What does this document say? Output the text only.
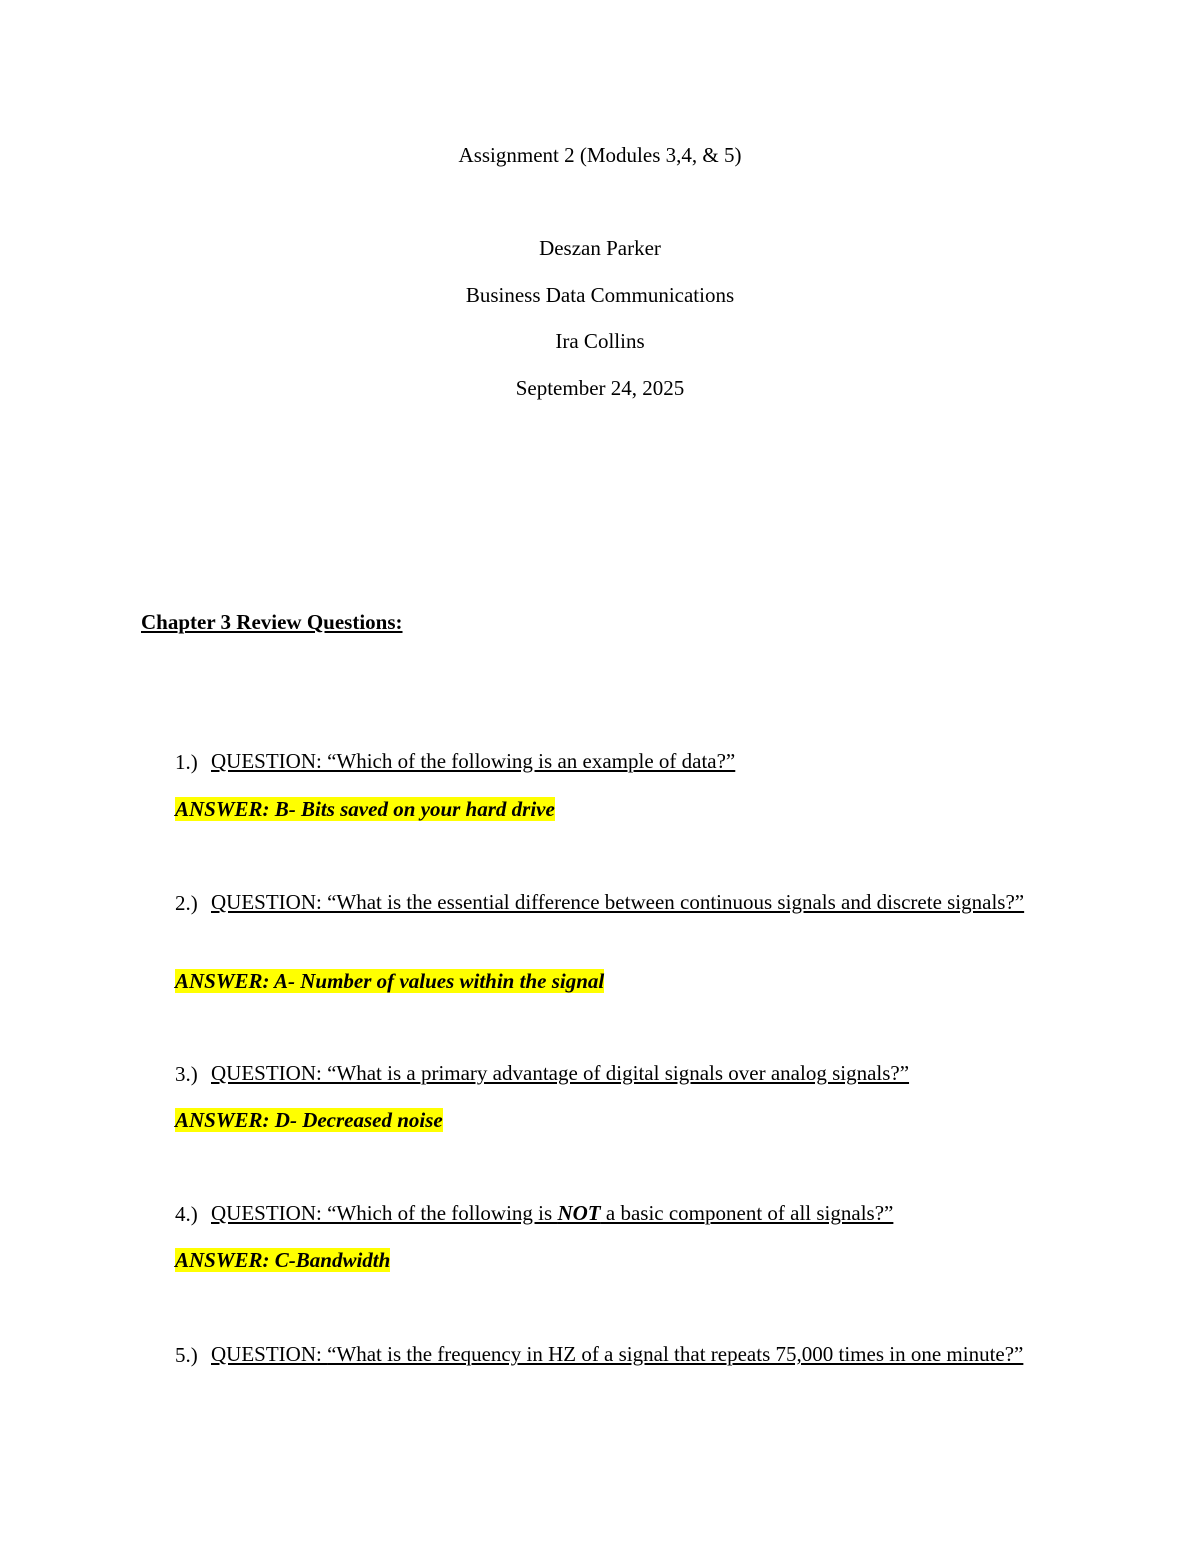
Assignment 2 (Modules 3,4, & 5)
Deszan Parker
Business Data Communications
Ira Collins
September 24, 2025
Chapter 3 Review Questions:
1.) QUESTION: “Which of the following is an example of data?”
ANSWER: B- Bits saved on your hard drive
2.) QUESTION: “What is the essential difference between continuous signals and discrete signals?”
ANSWER: A- Number of values within the signal
3.) QUESTION: “What is a primary advantage of digital signals over analog signals?”
ANSWER: D- Decreased noise
4.) QUESTION: “Which of the following is NOT a basic component of all signals?”
ANSWER: C-Bandwidth
5.) QUESTION: “What is the frequency in HZ of a signal that repeats 75,000 times in one minute?”
